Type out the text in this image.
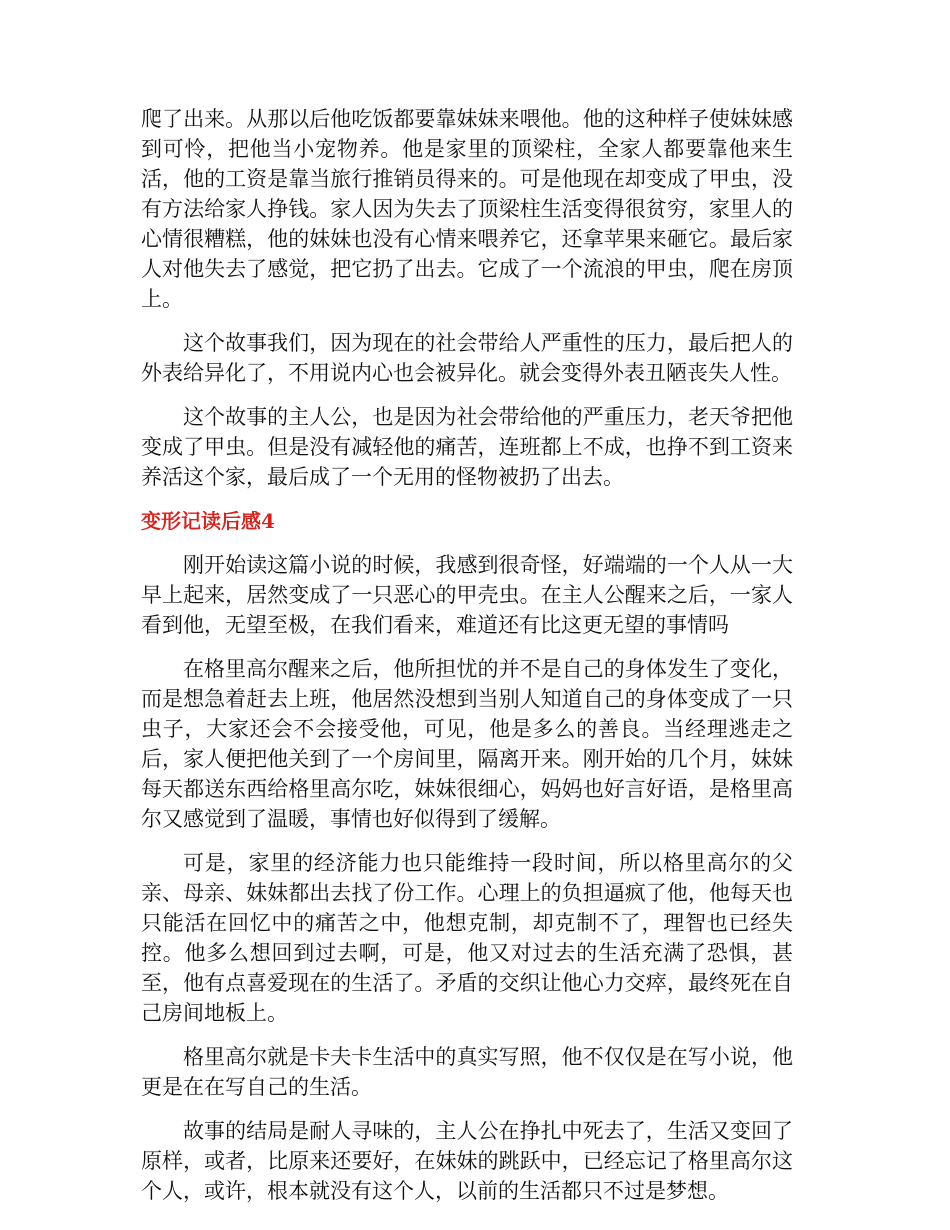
爬了出来。从那以后他吃饭都要靠妹妹来喂他。他的这种样子使妹妹感到可怜，把他当小宠物养。他是家里的顶梁柱，全家人都要靠他来生活，他的工资是靠当旅行推销员得来的。可是他现在却变成了甲虫，没有方法给家人挣钱。家人因为失去了顶梁柱生活变得很贫穷，家里人的心情很糟糕，他的妹妹也没有心情来喂养它，还拿苹果来砸它。最后家人对他失去了感觉，把它扔了出去。它成了一个流浪的甲虫，爬在房顶上。

这个故事我们，因为现在的社会带给人严重性的压力，最后把人的外表给异化了，不用说内心也会被异化。就会变得外表丑陋丧失人性。

这个故事的主人公，也是因为社会带给他的严重压力，老天爷把他变成了甲虫。但是没有减轻他的痛苦，连班都上不成，也挣不到工资来养活这个家，最后成了一个无用的怪物被扔了出去。

变形记读后感4

刚开始读这篇小说的时候，我感到很奇怪，好端端的一个人从一大早上起来，居然变成了一只恶心的甲壳虫。在主人公醒来之后，一家人看到他，无望至极，在我们看来，难道还有比这更无望的事情吗

在格里高尔醒来之后，他所担忧的并不是自己的身体发生了变化，而是想急着赶去上班，他居然没想到当别人知道自己的身体变成了一只虫子，大家还会不会接受他，可见，他是多么的善良。当经理逃走之后，家人便把他关到了一个房间里，隔离开来。刚开始的几个月，妹妹每天都送东西给格里高尔吃，妹妹很细心，妈妈也好言好语，是格里高尔又感觉到了温暖，事情也好似得到了缓解。

可是，家里的经济能力也只能维持一段时间，所以格里高尔的父亲、母亲、妹妹都出去找了份工作。心理上的负担逼疯了他，他每天也只能活在回忆中的痛苦之中，他想克制，却克制不了，理智也已经失控。他多么想回到过去啊，可是，他又对过去的生活充满了恐惧，甚至，他有点喜爱现在的生活了。矛盾的交织让他心力交瘁，最终死在自己房间地板上。

格里高尔就是卡夫卡生活中的真实写照，他不仅仅是在写小说，他更是在在写自己的生活。

故事的结局是耐人寻味的，主人公在挣扎中死去了，生活又变回了原样，或者，比原来还要好，在妹妹的跳跃中，已经忘记了格里高尔这个人，或许，根本就没有这个人，以前的生活都只不过是梦想。
